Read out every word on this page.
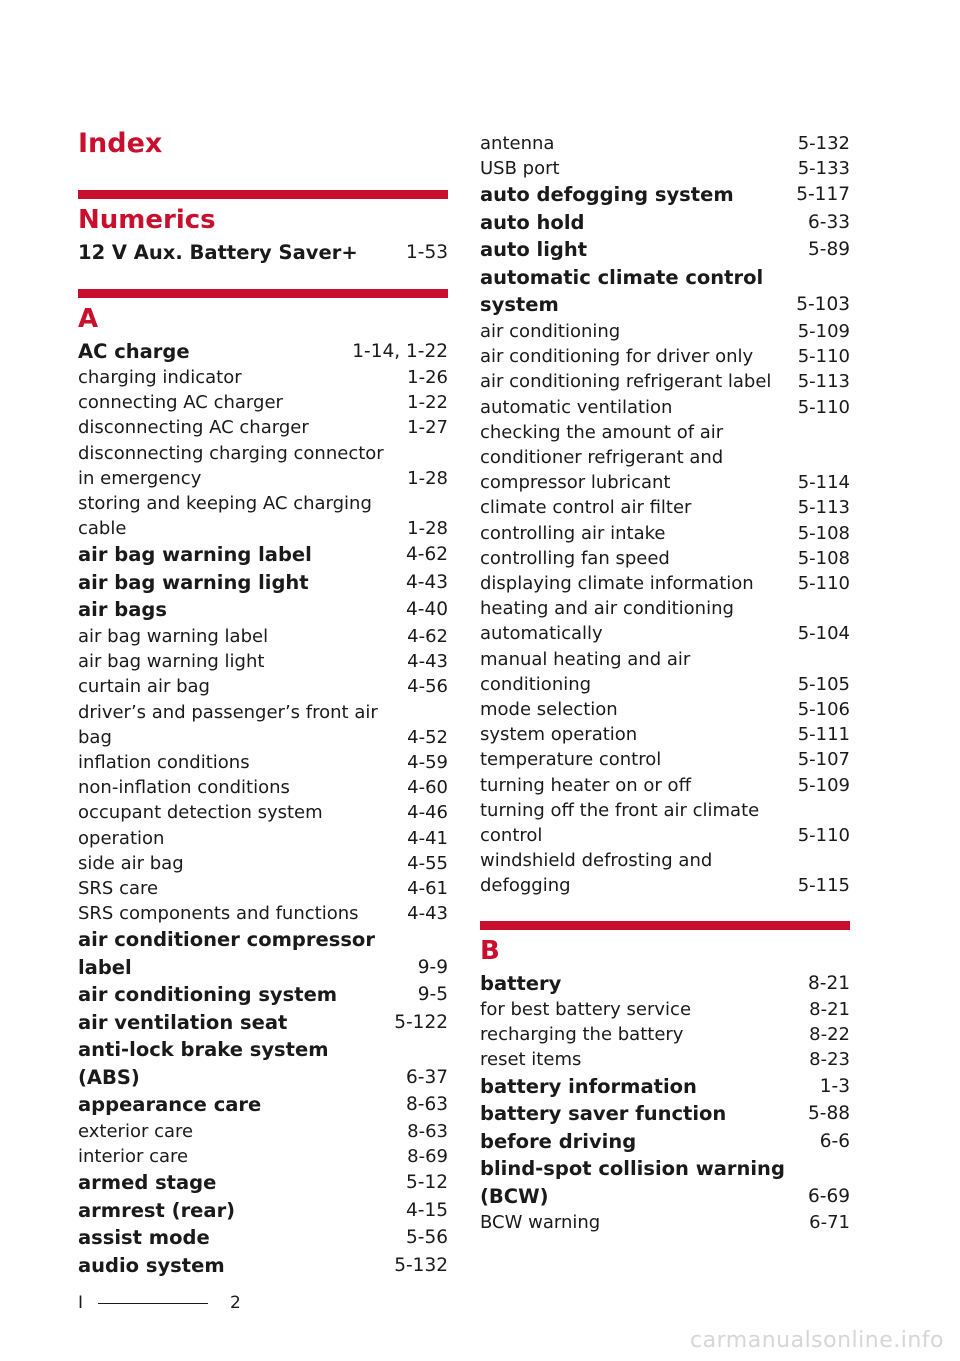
Index
Numerics
12 V Aux. Battery Saver+	1-53
A
AC charge	1-14, 1-22
charging indicator	1-26
connecting AC charger	1-22
disconnecting AC charger	1-27
disconnecting charging connector in emergency	1-28
storing and keeping AC charging cable	1-28
air bag warning label	4-62
air bag warning light	4-43
air bags	4-40
air bag warning label	4-62
air bag warning light	4-43
curtain air bag	4-56
driver’s and passenger’s front air bag	4-52
inflation conditions	4-59
non-inflation conditions	4-60
occupant detection system	4-46
operation	4-41
side air bag	4-55
SRS care	4-61
SRS components and functions	4-43
air conditioner compressor label	9-9
air conditioning system	9-5
air ventilation seat	5-122
anti-lock brake system (ABS)	6-37
appearance care	8-63
exterior care	8-63
interior care	8-69
armed stage	5-12
armrest (rear)	4-15
assist mode	5-56
audio system	5-132
antenna	5-132
USB port	5-133
auto defogging system	5-117
auto hold	6-33
auto light	5-89
automatic climate control system	5-103
air conditioning	5-109
air conditioning for driver only	5-110
air conditioning refrigerant label	5-113
automatic ventilation	5-110
checking the amount of air conditioner refrigerant and compressor lubricant	5-114
climate control air filter	5-113
controlling air intake	5-108
controlling fan speed	5-108
displaying climate information	5-110
heating and air conditioning automatically	5-104
manual heating and air conditioning	5-105
mode selection	5-106
system operation	5-111
temperature control	5-107
turning heater on or off	5-109
turning off the front air climate control	5-110
windshield defrosting and defogging	5-115
B
battery	8-21
for best battery service	8-21
recharging the battery	8-22
reset items	8-23
battery information	1-3
battery saver function	5-88
before driving	6-6
blind-spot collision warning (BCW)	6-69
BCW warning	6-71
I	2
carmanualsonline.info
